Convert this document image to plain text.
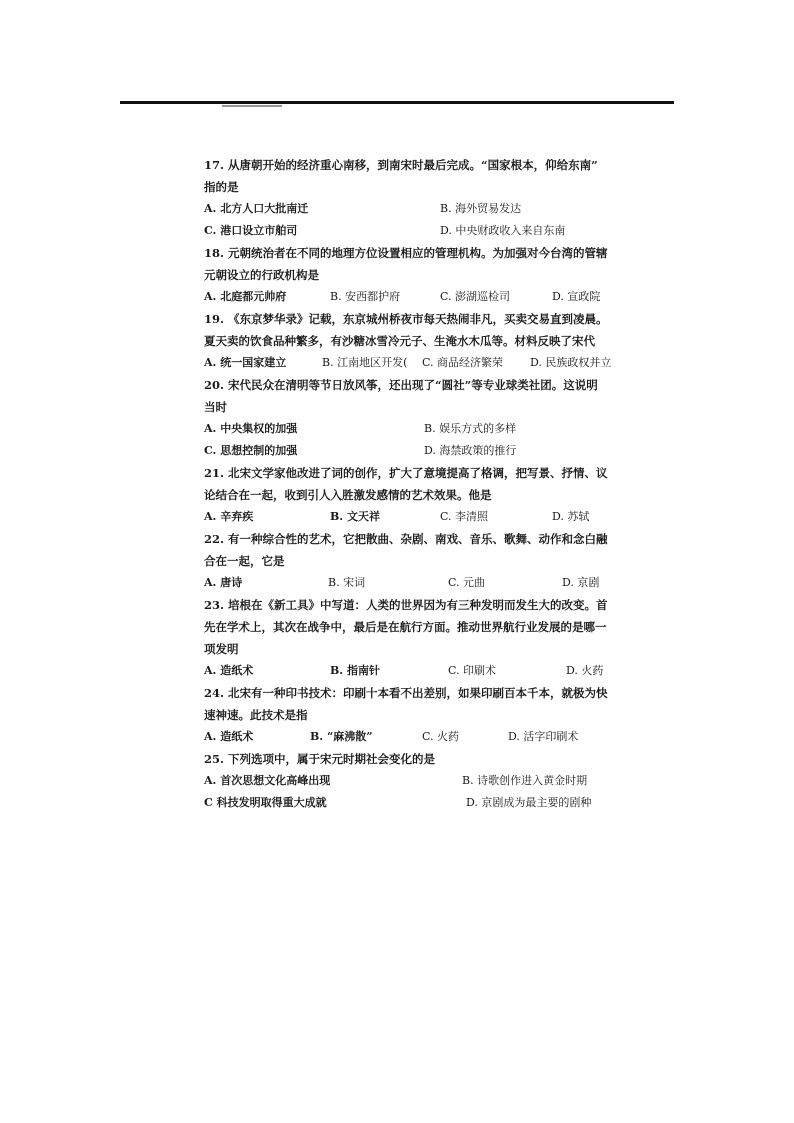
17. 从唐朝开始的经济重心南移，到南宋时最后完成。“国家根本，仰给东南”
指的是
A. 北方人口大批南迁	B. 海外贸易发达
C. 港口设立市舶司	D. 中央财政收入来自东南
18. 元朝统治者在不同的地理方位设置相应的管理机构。为加强对今台湾的管辖
元朝设立的行政机构是
A. 北庭都元帅府	B. 安西都护府	C. 澎湖巡检司	D. 宣政院
19. 《东京梦华录》记载，东京城州桥夜市每天热闹非凡，买卖交易直到凌晨。
夏天卖的饮食品种繁多，有沙糖冰雪冷元子、生淹水木瓜等。材料反映了宋代
A. 统一国家建立	B. 江南地区开发( C. 商品经济繁荣 D. 民族政权并立
20. 宋代民众在清明等节日放风筝，还出现了“圆社”等专业球类社团。这说明
当时
A. 中央集权的加强	B. 娱乐方式的多样
C. 思想控制的加强	D. 海禁政策的推行
21. 北宋文学家他改进了词的创作，扩大了意境提高了格调，把写景、抒情、议
论结合在一起，收到引人入胜激发感情的艺术效果。他是
A. 辛弃疾	B. 文天祥	C. 李清照	D. 苏轼
22. 有一种综合性的艺术，它把散曲、杂剧、南戏、音乐、歌舞、动作和念白融
合在一起，它是
A. 唐诗	B. 宋词	C. 元曲	D. 京剧
23. 培根在《新工具》中写道：人类的世界因为有三种发明而发生大的改变。首
先在学术上，其次在战争中，最后是在航行方面。推动世界航行业发展的是哪一
项发明
A. 造纸术	B. 指南针	C. 印刷术	D. 火药
24. 北宋有一种印书技术：印刷十本看不出差别，如果印刷百本千本，就极为快
速神速。此技术是指
A. 造纸术	B. “麻沸散”	C. 火药	D. 活字印刷术
25. 下列选项中，属于宋元时期社会变化的是
A. 首次思想文化高峰出现	B. 诗歌创作进入黄金时期
C 科技发明取得重大成就	D. 京剧成为最主要的剧种
